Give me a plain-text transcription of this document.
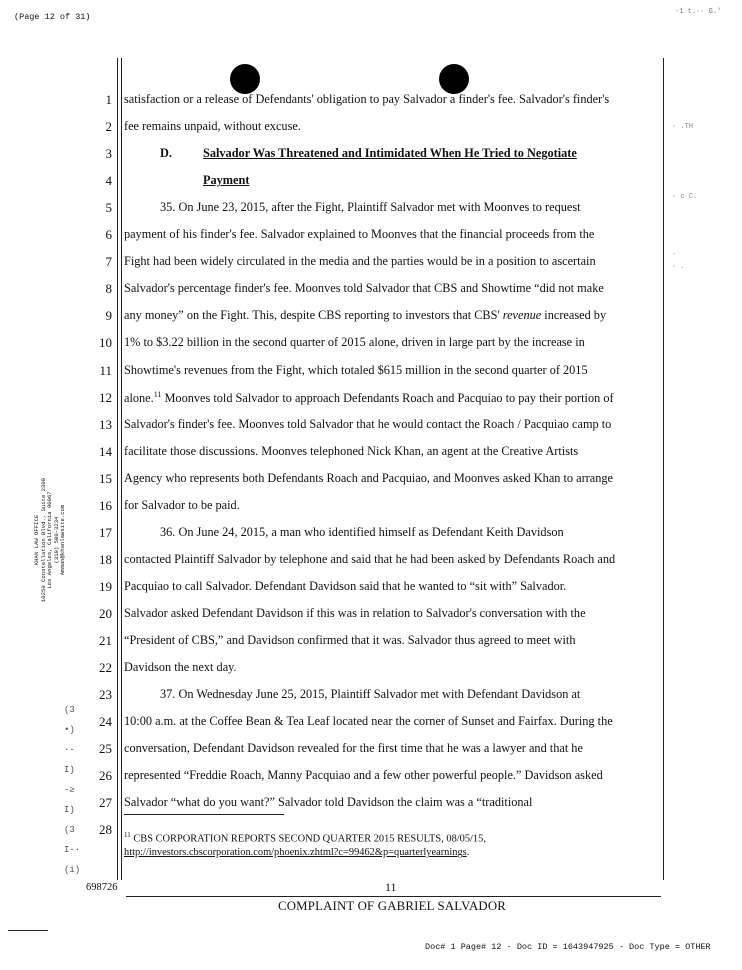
(Page 12 of 31)	-1 t.·· G.'
1
2
3
4
5
6
7
8
9
10
11
12
13
14
15
16
17
18
19
20
21
22
23
24
25
26
27
28
satisfaction or a release of Defendants' obligation to pay Salvador a finder's fee. Salvador's finder's
fee remains unpaid, without excuse.
D.	Salvador Was Threatened and Intimidated When He Tried to Negotiate
Payment
35. On June 23, 2015, after the Fight, Plaintiff Salvador met with Moonves to request
payment of his finder's fee. Salvador explained to Moonves that the financial proceeds from the
Fight had been widely circulated in the media and the parties would be in a position to ascertain
Salvador's percentage finder's fee. Moonves told Salvador that CBS and Showtime “did not make
any money” on the Fight. This, despite CBS reporting to investors that CBS' revenue increased by
1% to $3.22 billion in the second quarter of 2015 alone, driven in large part by the increase in
Showtime's revenues from the Fight, which totaled $615 million in the second quarter of 2015
alone.$^{11}$ Moonves told Salvador to approach Defendants Roach and Pacquiao to pay their portion of
Salvador's finder's fee. Moonves told Salvador that he would contact the Roach / Pacquiao camp to
facilitate those discussions. Moonves telephoned Nick Khan, an agent at the Creative Artists
Agency who represents both Defendants Roach and Pacquiao, and Moonves asked Khan to arrange
for Salvador to be paid.
36. On June 24, 2015, a man who identified himself as Defendant Keith Davidson
contacted Plaintiff Salvador by telephone and said that he had been asked by Defendants Roach and
Pacquiao to call Salvador. Defendant Davidson said that he wanted to “sit with” Salvador.
Salvador asked Defendant Davidson if this was in relation to Salvador's conversation with the
“President of CBS,” and Davidson confirmed that it was. Salvador thus agreed to meet with
Davidson the next day.
37. On Wednesday June 25, 2015, Plaintiff Salvador met with Defendant Davidson at
10:00 a.m. at the Coffee Bean & Tea Leaf located near the corner of Sunset and Fairfax. During the
conversation, Defendant Davidson revealed for the first time that he was a lawyer and that he
represented “Freddie Roach, Manny Pacquiao and a few other powerful people.” Davidson asked
Salvador “what do you want?” Salvador told Davidson the claim was a “traditional
$^{11}$ CBS CORPORATION REPORTS SECOND QUARTER 2015 RESULTS, 08/05/15,
http://investors.cbscorporation.com/phoenix.zhtml?c=99462&p=quarterlyearnings.
KHAN LAW OFFICE 10250 Constellation Blvd., Suite 2300 Los Angeles, California 90067 (310) 500-3234 Amman@khanlawsite.com
(3
•)
·-
I)
-≥
I)
(3
I-·
(i)
· .TH
· c C.
.
· .
698726	11
COMPLAINT OF GABRIEL SALVADOR
Doc# 1 Page# 12 - Doc ID = 1643947925 - Doc Type = OTHER
